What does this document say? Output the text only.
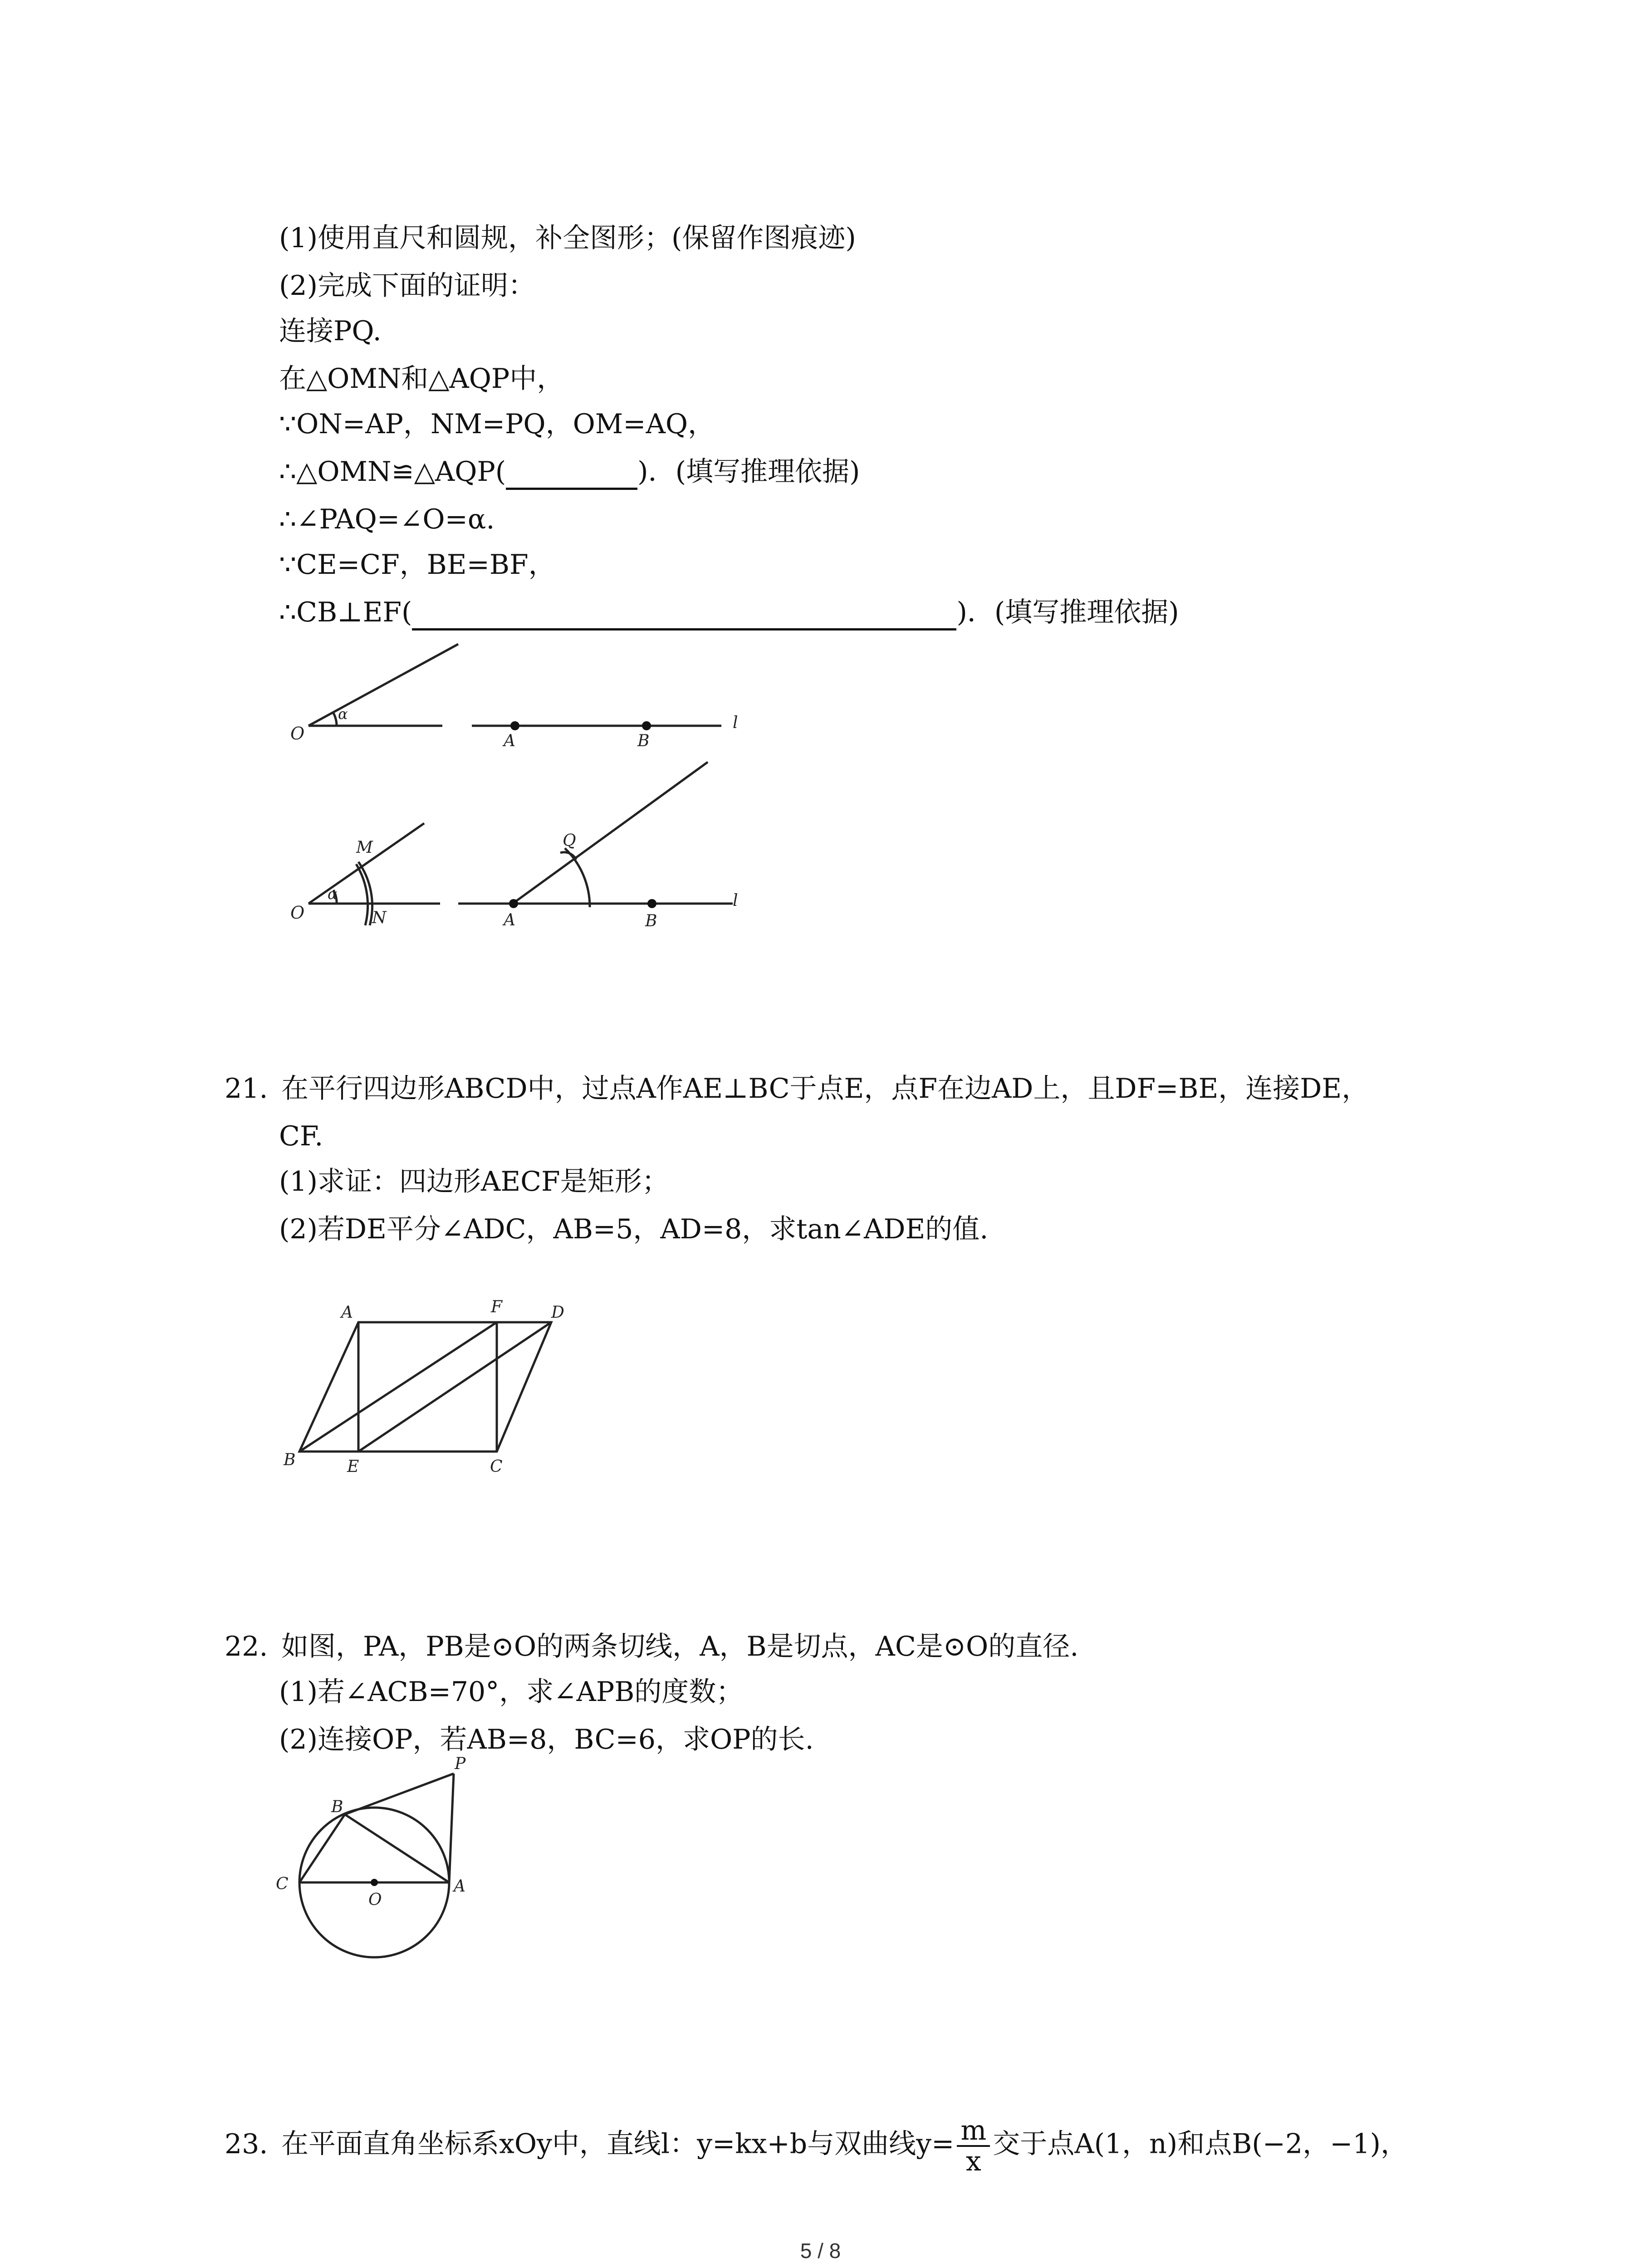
(1)使用直尺和圆规，补全图形；(保留作图痕迹)
(2)完成下面的证明：
连接PQ.
在△OMN和△AQP中，
∵ON=AP，NM=PQ，OM=AQ，
∴△OMN≌△AQP(	)．(填写推理依据)
∴∠PAQ=∠O=α.
∵CE=CF，BE=BF，
∴CB⊥EF(	)．(填写推理依据)
O
α
A	B
l
O
α
M
N
Q
A	B
l
21. 在平行四边形ABCD中，过点A作AE⊥BC于点E，点F在边AD上，且DF=BE，连接DE，
CF.
(1)求证：四边形AECF是矩形；
(2)若DE平分∠ADC，AB=5，AD=8，求tan∠ADE的值.
A	F	D
B	E	C
22. 如图，PA，PB是⊙O的两条切线，A，B是切点，AC是⊙O的直径.
(1)若∠ACB=70°，求∠APB的度数；
(2)连接OP，若AB=8，BC=6，求OP的长.
B
P
C
O
A
23. 在平面直角坐标系xOy中，直线l：y=kx+b与双曲线$y= \frac{m}{x}$ 交于点A(1，n)和点B(−2，−1)，
5 / 8
